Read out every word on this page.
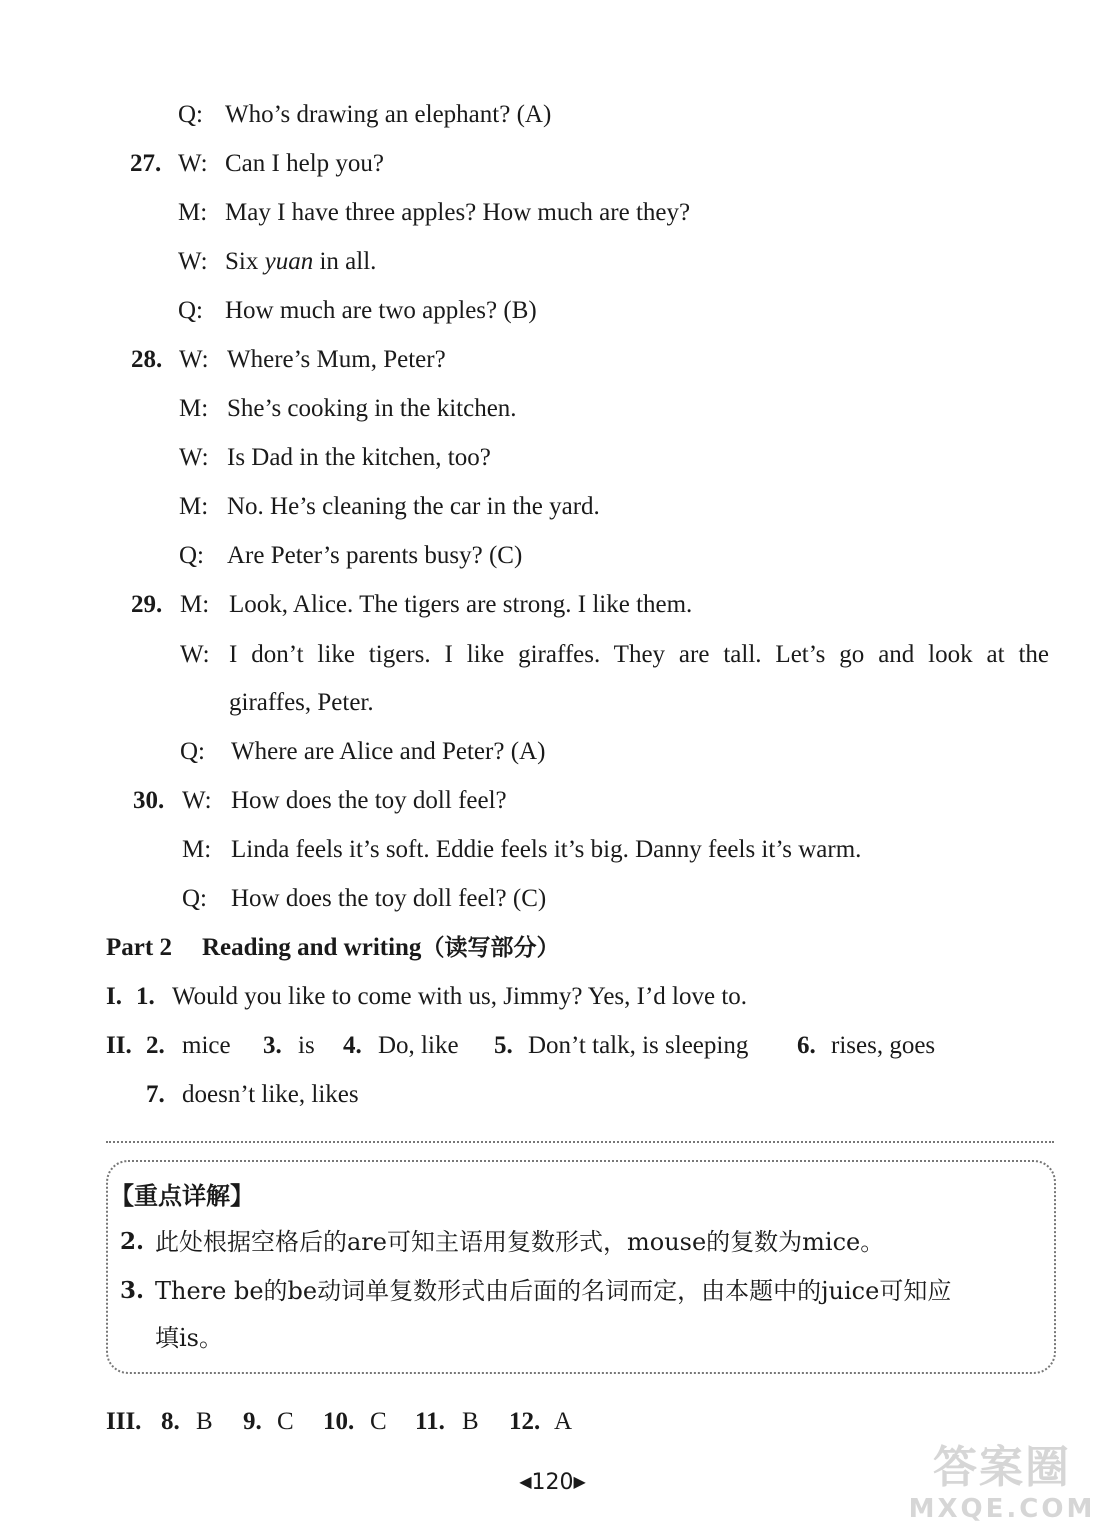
Q: Who’s drawing an elephant? (A)
27. W: Can I help you?
M: May I have three apples? How much are they?
W: Six yuan in all.
Q: How much are two apples? (B)
28. W: Where’s Mum, Peter?
M: She’s cooking in the kitchen.
W: Is Dad in the kitchen, too?
M: No. He’s cleaning the car in the yard.
Q: Are Peter’s parents busy? (C)
29. M: Look, Alice. The tigers are strong. I like them.
W: I don’t like tigers. I like giraffes. They are tall. Let’s go and look at the
giraffes, Peter.
Q: Where are Alice and Peter? (A)
30. W: How does the toy doll feel?
M: Linda feels it’s soft. Eddie feels it’s big. Danny feels it’s warm.
Q: How does the toy doll feel? (C)
Part 2 Reading and writing（读写部分）
I. 1. Would you like to come with us, Jimmy? Yes, I’d love to.
II. 2. mice 3. is 4. Do, like 5. Don’t talk, is sleeping 6. rises, goes
7. doesn’t like, likes
【重点详解】
2. 此处根据空格后的are可知主语用复数形式，mouse的复数为mice。
3. There be的be动词单复数形式由后面的名词而定，由本题中的juice可知应
填is。
III. 8. B 9. C 10. C 11. B 12. A
◀120▶	答案圈
MXQE.COM
